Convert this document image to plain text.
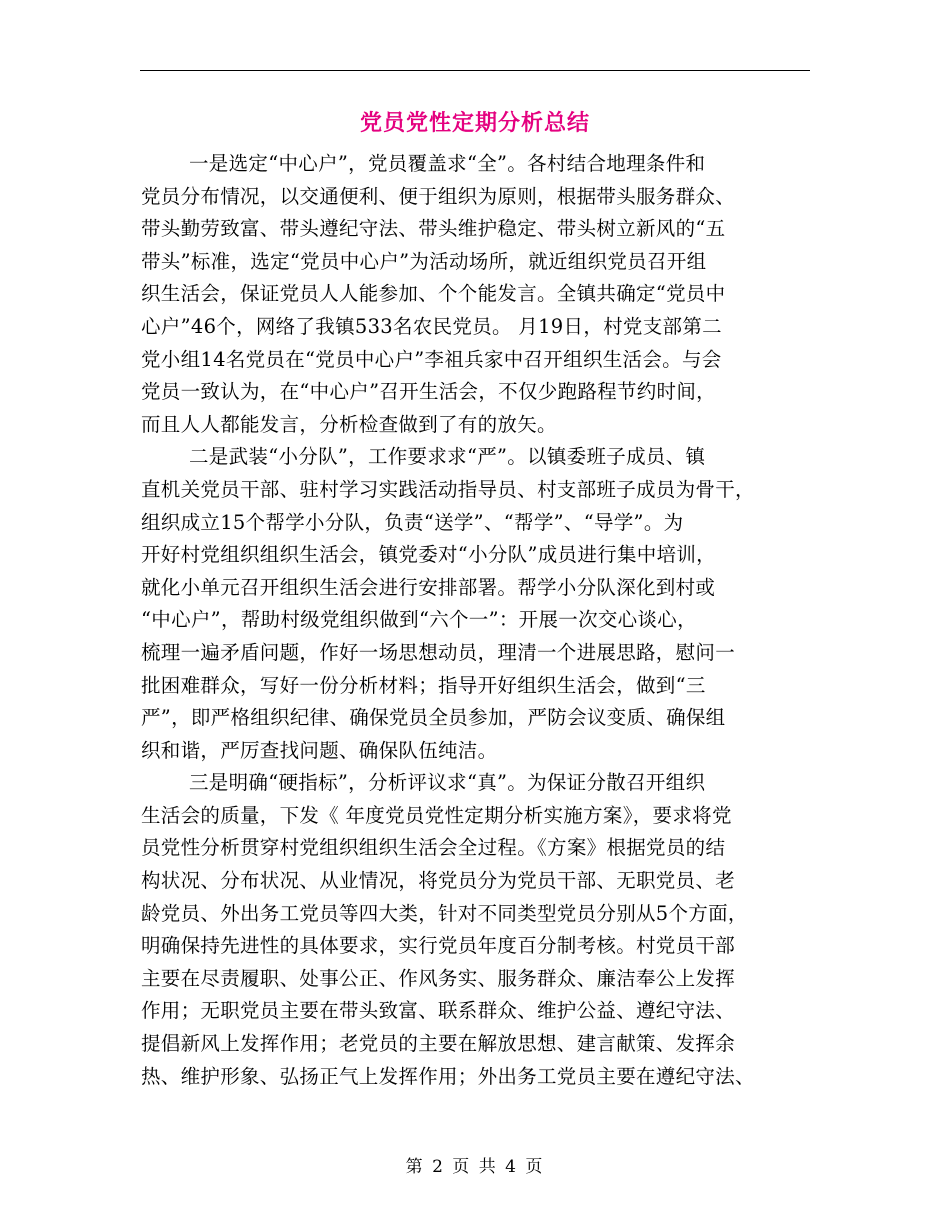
党员党性定期分析总结
一是选定“中心户”，党员覆盖求“全”。各村结合地理条件和
党员分布情况，以交通便利、便于组织为原则，根据带头服务群众、
带头勤劳致富、带头遵纪守法、带头维护稳定、带头树立新风的“五
带头”标准，选定“党员中心户”为活动场所，就近组织党员召开组
织生活会，保证党员人人能参加、个个能发言。全镇共确定“党员中
心户”46个，网络了我镇533名农民党员。 月19日，村党支部第二
党小组14名党员在“党员中心户”李祖兵家中召开组织生活会。与会
党员一致认为，在“中心户”召开生活会，不仅少跑路程节约时间，
而且人人都能发言，分析检查做到了有的放矢。
二是武装“小分队”，工作要求求“严”。以镇委班子成员、镇
直机关党员干部、驻村学习实践活动指导员、村支部班子成员为骨干，
组织成立15个帮学小分队，负责“送学”、“帮学”、“导学”。为
开好村党组织组织生活会，镇党委对“小分队”成员进行集中培训，
就化小单元召开组织生活会进行安排部署。帮学小分队深化到村或
“中心户”，帮助村级党组织做到“六个一”：开展一次交心谈心，
梳理一遍矛盾问题，作好一场思想动员，理清一个进展思路，慰问一
批困难群众，写好一份分析材料；指导开好组织生活会，做到“三
严”，即严格组织纪律、确保党员全员参加，严防会议变质、确保组
织和谐，严厉查找问题、确保队伍纯洁。
三是明确“硬指标”，分析评议求“真”。为保证分散召开组织
生活会的质量，下发《 年度党员党性定期分析实施方案》，要求将党
员党性分析贯穿村党组织组织生活会全过程。《方案》根据党员的结
构状况、分布状况、从业情况，将党员分为党员干部、无职党员、老
龄党员、外出务工党员等四大类，针对不同类型党员分别从5个方面，
明确保持先进性的具体要求，实行党员年度百分制考核。村党员干部
主要在尽责履职、处事公正、作风务实、服务群众、廉洁奉公上发挥
作用；无职党员主要在带头致富、联系群众、维护公益、遵纪守法、
提倡新风上发挥作用；老党员的主要在解放思想、建言献策、发挥余
热、维护形象、弘扬正气上发挥作用；外出务工党员主要在遵纪守法、
第 2 页 共 4 页
